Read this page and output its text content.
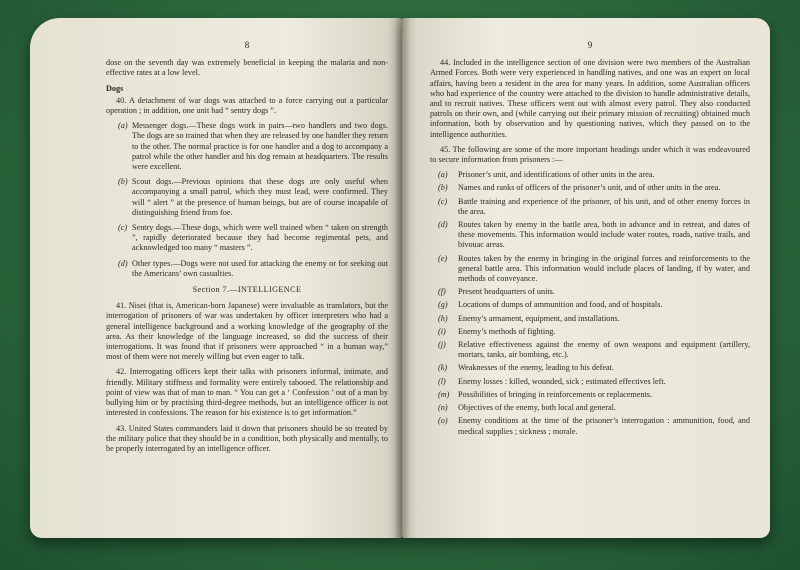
8

dose on the seventh day was extremely beneficial in keeping the malaria and non-effective rates at a low level.

Dogs

40. A detachment of war dogs was attached to a force carrying out a particular operation ; in addition, one unit had “ sentry dogs ”.

(a) Messenger dogs.—These dogs work in pairs—two handlers and two dogs. The dogs are so trained that when they are released by one handler they return to the other. The normal practice is for one handler and a dog to accompany a patrol while the other handler and his dog remain at headquarters. The results were excellent.
(b) Scout dogs.—Previous opinions that these dogs are only useful when accompanying a small patrol, which they must lead, were confirmed. They will “ alert ” at the presence of human beings, but are of course incapable of distinguishing friend from foe.
(c) Sentry dogs.—These dogs, which were well trained when “ taken on strength ”, rapidly deteriorated because they had become regimental pets, and acknowledged too many “ masters ”.
(d) Other types.—Dogs were not used for attacking the enemy or for seeking out the Americans’ own casualties.
Section 7.—INTELLIGENCE

41. Nisei (that is, American-born Japanese) were invaluable as translators, but the interrogation of prisoners of war was undertaken by officer interpreters who had a general intelligence background and a working knowledge of the geography of the area. As their knowledge of the language increased, so did the success of their interrogations. It was found that if prisoners were approached “ in a human way,” most of them were not merely willing but even eager to talk.

42. Interrogating officers kept their talks with prisoners informal, intimate, and friendly. Military stiffness and formality were entirely tabooed. The relationship and point of view was that of man to man. “ You can get a ‘ Confession ’ out of a man by bullying him or by practising third-degree methods, but an intelligence officer is not interested in confessions. The reason for his existence is to get information.”

43. United States commanders laid it down that prisoners should be so treated by the military police that they should be in a condition, both physically and mentally, to be properly interrogated by an intelligence officer.

9

44. Included in the intelligence section of one division were two members of the Australian Armed Forces. Both were very experienced in handling natives, and one was an expert on local affairs, having been a resident in the area for many years. In addition, some Australian officers who had experience of the country were attached to the division to handle administrative details, and to recruit natives. These officers went out with almost every patrol. They also conducted patrols on their own, and (while carrying out their primary mission of recruiting) obtained much information, both by observation and by questioning natives, which they passed on to the intelligence authorities.

45. The following are some of the more important headings under which it was endeavoured to secure information from prisoners :—

(a)	Prisoner’s unit, and identifications of other units in the area.
(b)	Names and ranks of officers of the prisoner’s unit, and of other units in the area.
(c)	Battle training and experience of the prisoner, of his unit, and of other enemy forces in the area.
(d)	Routes taken by enemy in the battle area, both in advance and in retreat, and dates of these movements. This information would include water routes, roads, native trails, and bivouac areas.
(e)	Routes taken by the enemy in bringing in the original forces and reinforcements to the general battle area. This information would include places of landing, if by water, and methods of conveyance.
(f)	Present headquarters of units.
(g)	Locations of dumps of ammunition and food, and of hospitals.
(h)	Enemy’s armament, equipment, and installations.
(i)	Enemy’s methods of fighting.
(j)	Relative effectiveness against the enemy of own weapons and equipment (artillery, mortars, tanks, air bombing, etc.).
(k)	Weaknesses of the enemy, leading to his defeat.
(l)	Enemy losses : killed, wounded, sick ; estimated effectives left.
(m)	Possibilities of bringing in reinforcements or replacements.
(n)	Objectives of the enemy, both local and general.
(o)	Enemy conditions at the time of the prisoner’s interrogation : ammunition, food, and medical supplies ; sickness ; morale.
